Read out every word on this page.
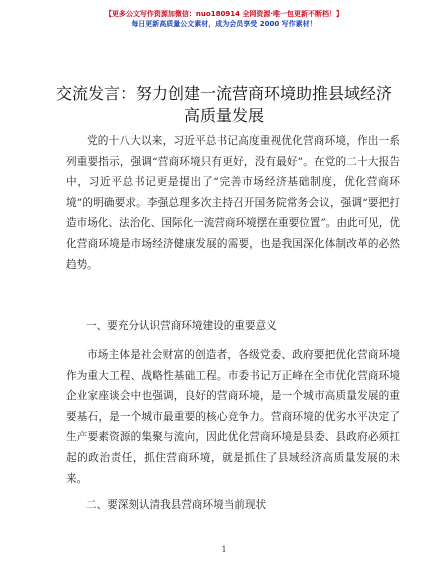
【更多公文写作资源加微信：nuo180914 全网资源·唯一包更新不断档！】
每日更新高质量公文素材，成为会员享受 2000 写作素材！
交流发言：努力创建一流营商环境助推县域经济高质量发展

党的十八大以来，习近平总书记高度重视优化营商环境，作出一系列重要指示，强调“营商环境只有更好，没有最好”。在党的二十大报告中，习近平总书记更是提出了“完善市场经济基础制度，优化营商环境”的明确要求。李强总理多次主持召开国务院常务会议，强调“要把打造市场化、法治化、国际化一流营商环境摆在重要位置”。由此可见，优化营商环境是市场经济健康发展的需要，也是我国深化体制改革的必然趋势。

一、要充分认识营商环境建设的重要意义

市场主体是社会财富的创造者，各级党委、政府要把优化营商环境作为重大工程、战略性基础工程。市委书记万正峰在全市优化营商环境企业家座谈会中也强调，良好的营商环境，是一个城市高质量发展的重要基石，是一个城市最重要的核心竞争力。营商环境的优劣水平决定了生产要素资源的集聚与流向，因此优化营商环境是县委、县政府必须扛起的政治责任，抓住营商环境，就是抓住了县域经济高质量发展的未来。

二、要深刻认清我县营商环境当前现状
1
